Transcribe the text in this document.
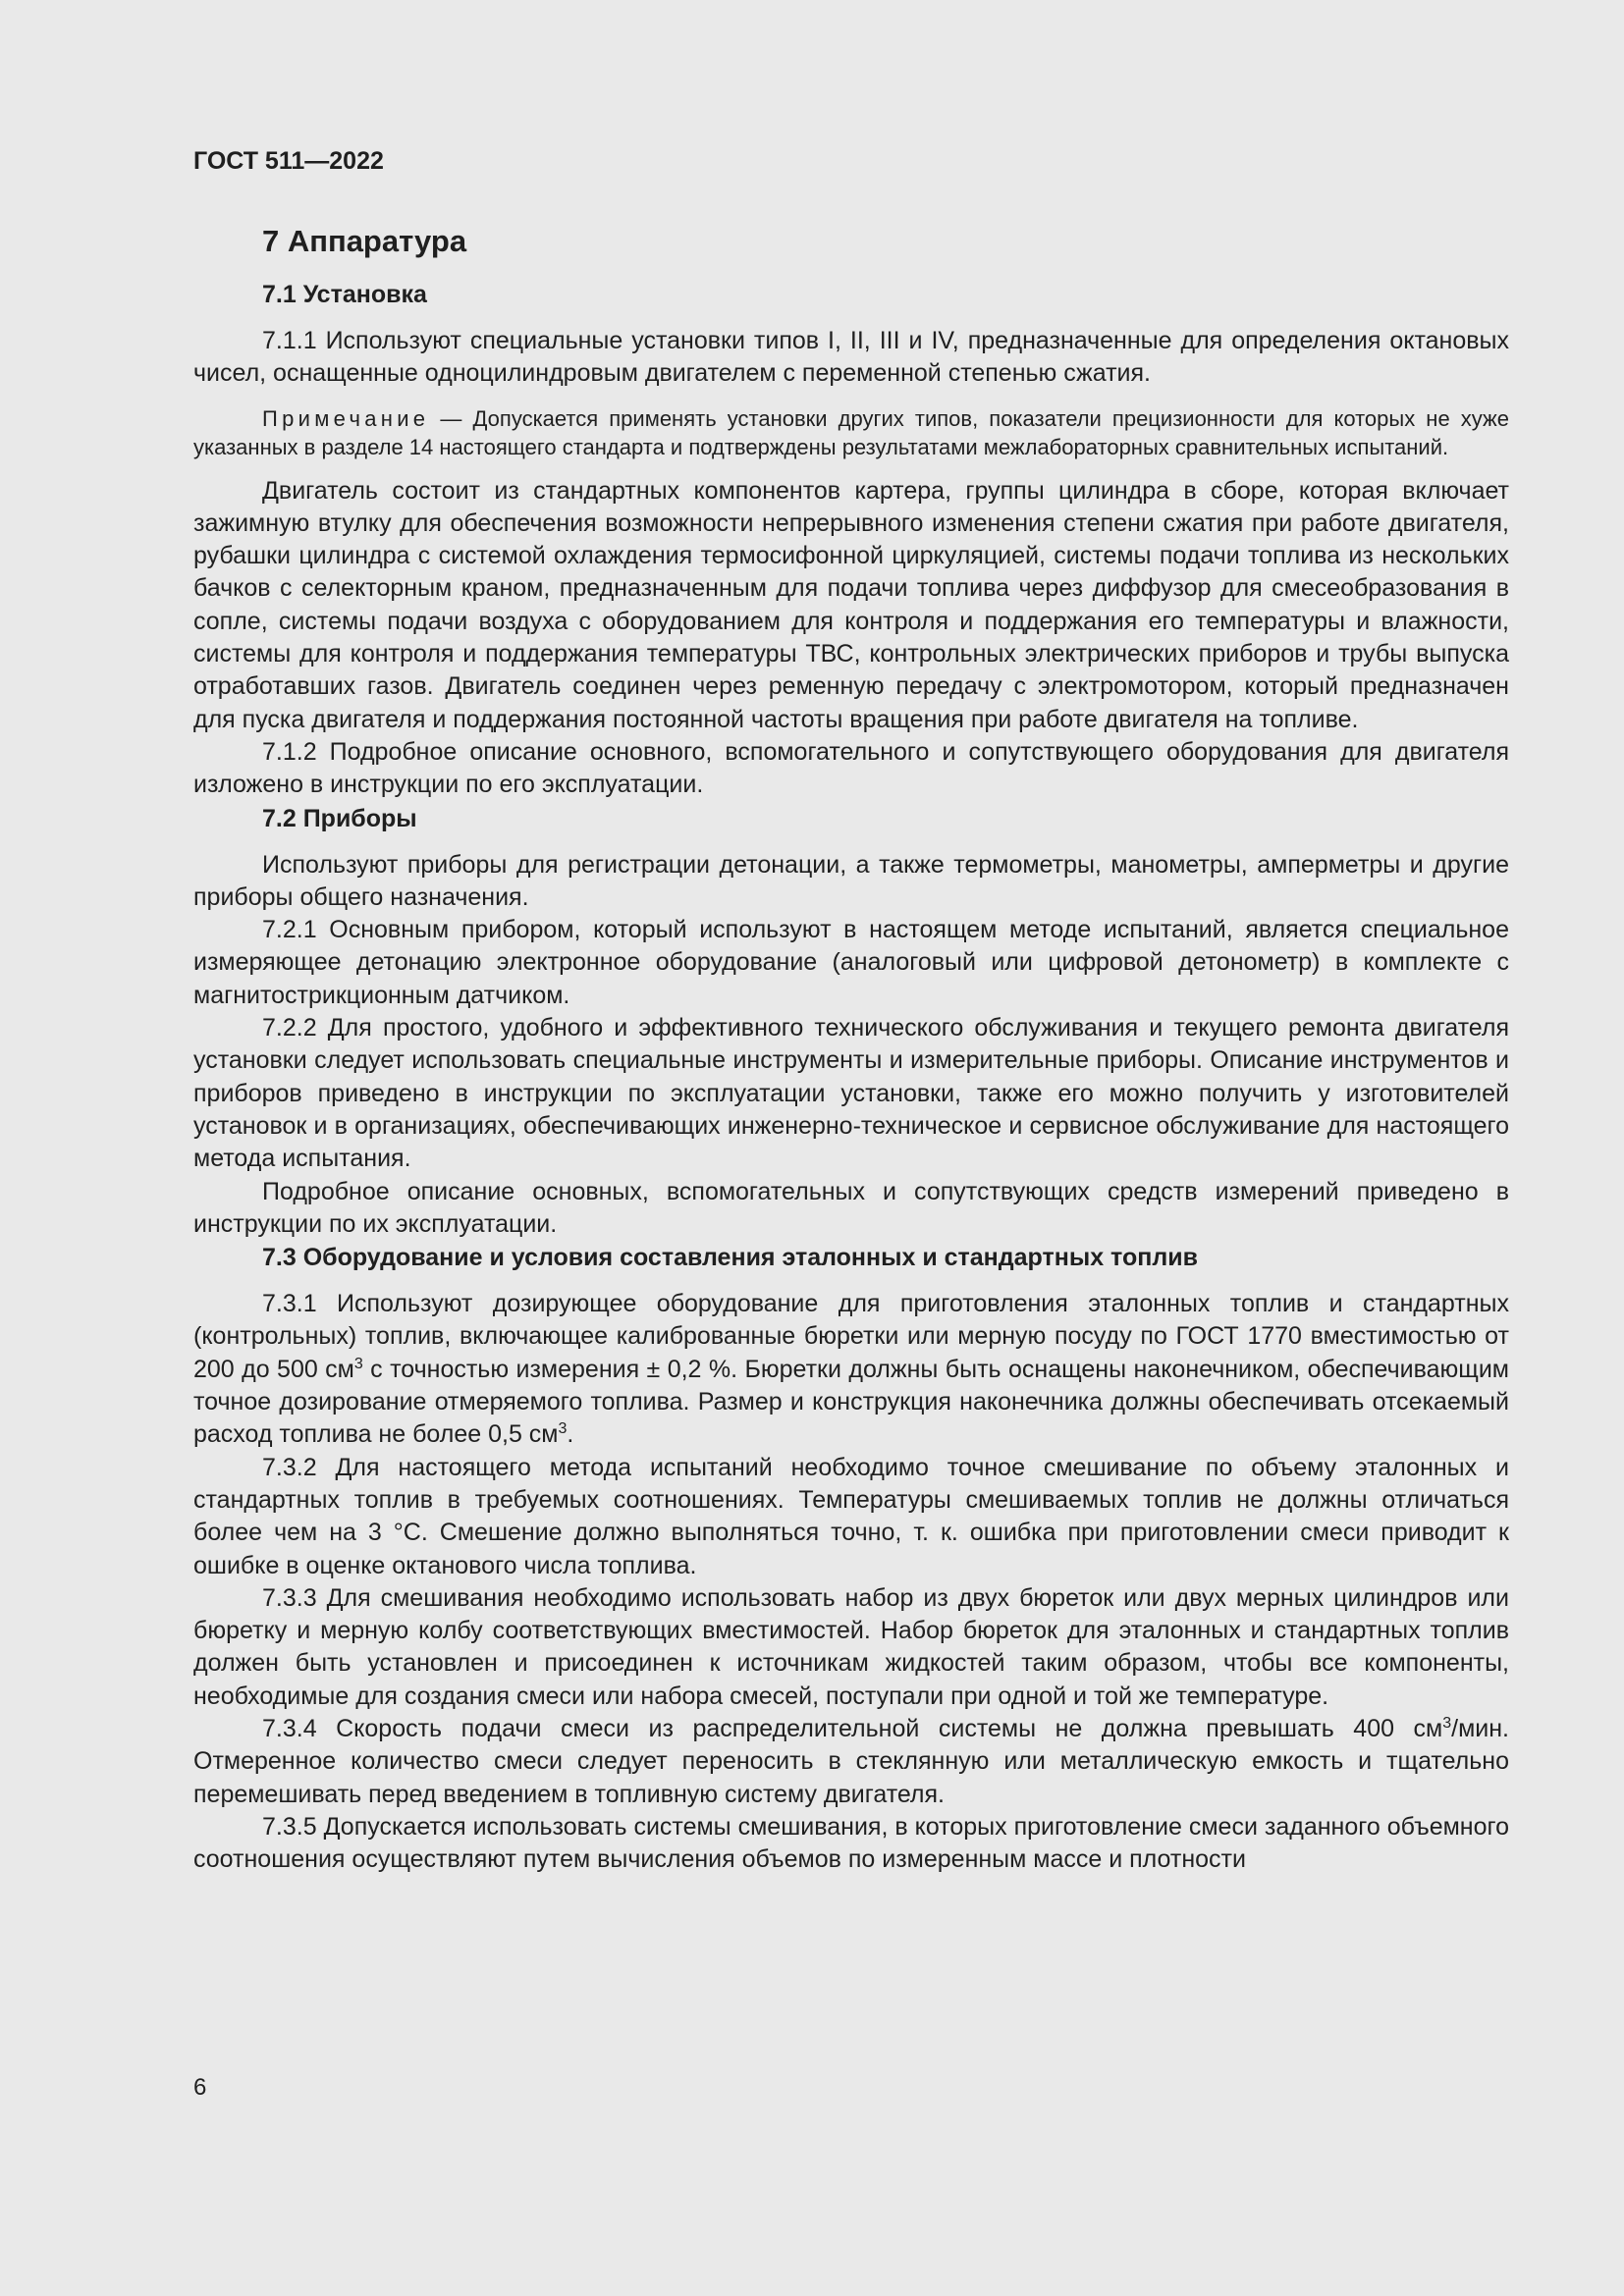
ГОСТ 511—2022
7 Аппаратура
7.1 Установка

7.1.1 Используют специальные установки типов I, II, III и IV, предназначенные для определения октановых чисел, оснащенные одноцилиндровым двигателем с переменной степенью сжатия.

Примечание — Допускается применять установки других типов, показатели прецизионности для которых не хуже указанных в разделе 14 настоящего стандарта и подтверждены результатами межлабораторных сравнительных испытаний.

Двигатель состоит из стандартных компонентов картера, группы цилиндра в сборе, которая включает зажимную втулку для обеспечения возможности непрерывного изменения степени сжатия при работе двигателя, рубашки цилиндра с системой охлаждения термосифонной циркуляцией, системы подачи топлива из нескольких бачков с селекторным краном, предназначенным для подачи топлива через диффузор для смесеобразования в сопле, системы подачи воздуха с оборудованием для контроля и поддержания его температуры и влажности, системы для контроля и поддержания температуры ТВС, контрольных электрических приборов и трубы выпуска отработавших газов. Двигатель соединен через ременную передачу с электромотором, который предназначен для пуска двигателя и поддержания постоянной частоты вращения при работе двигателя на топливе.

7.1.2 Подробное описание основного, вспомогательного и сопутствующего оборудования для двигателя изложено в инструкции по его эксплуатации.

7.2 Приборы

Используют приборы для регистрации детонации, а также термометры, манометры, амперметры и другие приборы общего назначения.

7.2.1 Основным прибором, который используют в настоящем методе испытаний, является специальное измеряющее детонацию электронное оборудование (аналоговый или цифровой детонометр) в комплекте с магнитострикционным датчиком.

7.2.2 Для простого, удобного и эффективного технического обслуживания и текущего ремонта двигателя установки следует использовать специальные инструменты и измерительные приборы. Описание инструментов и приборов приведено в инструкции по эксплуатации установки, также его можно получить у изготовителей установок и в организациях, обеспечивающих инженерно-техническое и сервисное обслуживание для настоящего метода испытания.

Подробное описание основных, вспомогательных и сопутствующих средств измерений приведено в инструкции по их эксплуатации.

7.3 Оборудование и условия составления эталонных и стандартных топлив

7.3.1 Используют дозирующее оборудование для приготовления эталонных топлив и стандартных (контрольных) топлив, включающее калиброванные бюретки или мерную посуду по ГОСТ 1770 вместимостью от 200 до 500 $см^3$ с точностью измерения ± 0,2 %. Бюретки должны быть оснащены наконечником, обеспечивающим точное дозирование отмеряемого топлива. Размер и конструкция наконечника должны обеспечивать отсекаемый расход топлива не более 0,5 $см^3$.

7.3.2 Для настоящего метода испытаний необходимо точное смешивание по объему эталонных и стандартных топлив в требуемых соотношениях. Температуры смешиваемых топлив не должны отличаться более чем на 3 °С. Смешение должно выполняться точно, т. к. ошибка при приготовлении смеси приводит к ошибке в оценке октанового числа топлива.

7.3.3 Для смешивания необходимо использовать набор из двух бюреток или двух мерных цилиндров или бюретку и мерную колбу соответствующих вместимостей. Набор бюреток для эталонных и стандартных топлив должен быть установлен и присоединен к источникам жидкостей таким образом, чтобы все компоненты, необходимые для создания смеси или набора смесей, поступали при одной и той же температуре.

7.3.4 Скорость подачи смеси из распределительной системы не должна превышать 400 $см^3$/мин. Отмеренное количество смеси следует переносить в стеклянную или металлическую емкость и тщательно перемешивать перед введением в топливную систему двигателя.

7.3.5 Допускается использовать системы смешивания, в которых приготовление смеси заданного объемного соотношения осуществляют путем вычисления объемов по измеренным массе и плотности

6
